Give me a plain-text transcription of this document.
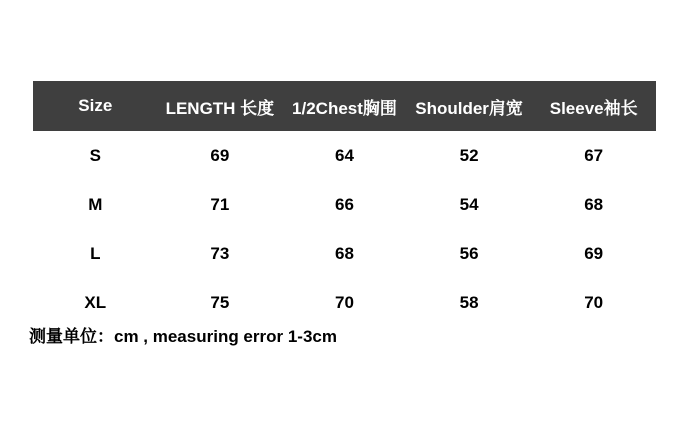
Size	LENGTH 长度	1/2Chest胸围	Shoulder肩宽	Sleeve袖长
S	69	64	52	67
M	71	66	54	68
L	73	68	56	69
XL	75	70	58	70
测量单位：cm , measuring error 1-3cm
